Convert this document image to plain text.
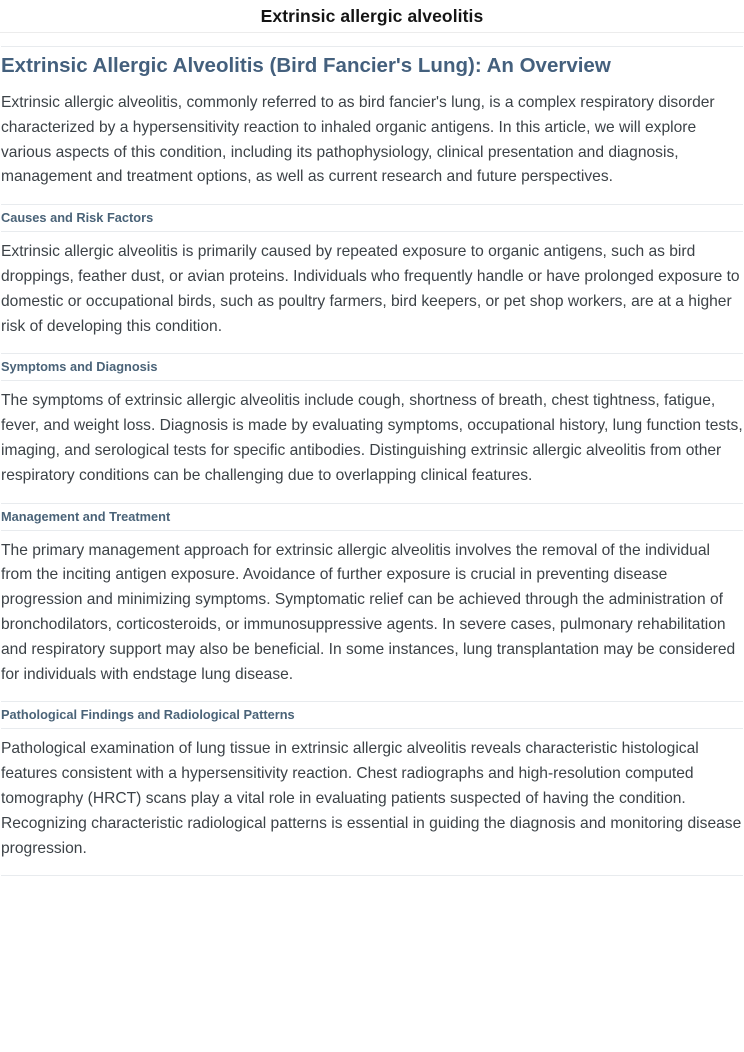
Extrinsic allergic alveolitis
Extrinsic Allergic Alveolitis (Bird Fancier's Lung): An Overview

Extrinsic allergic alveolitis, commonly referred to as bird fancier's lung, is a complex respiratory disorder characterized by a hypersensitivity reaction to inhaled organic antigens. In this article, we will explore various aspects of this condition, including its pathophysiology, clinical presentation and diagnosis, management and treatment options, as well as current research and future perspectives.

Causes and Risk Factors

Extrinsic allergic alveolitis is primarily caused by repeated exposure to organic antigens, such as bird droppings, feather dust, or avian proteins. Individuals who frequently handle or have prolonged exposure to domestic or occupational birds, such as poultry farmers, bird keepers, or pet shop workers, are at a higher risk of developing this condition.

Symptoms and Diagnosis

The symptoms of extrinsic allergic alveolitis include cough, shortness of breath, chest tightness, fatigue, fever, and weight loss. Diagnosis is made by evaluating symptoms, occupational history, lung function tests, imaging, and serological tests for specific antibodies. Distinguishing extrinsic allergic alveolitis from other respiratory conditions can be challenging due to overlapping clinical features.

Management and Treatment

The primary management approach for extrinsic allergic alveolitis involves the removal of the individual from the inciting antigen exposure. Avoidance of further exposure is crucial in preventing disease progression and minimizing symptoms. Symptomatic relief can be achieved through the administration of bronchodilators, corticosteroids, or immunosuppressive agents. In severe cases, pulmonary rehabilitation and respiratory support may also be beneficial. In some instances, lung transplantation may be considered for individuals with endstage lung disease.

Pathological Findings and Radiological Patterns

Pathological examination of lung tissue in extrinsic allergic alveolitis reveals characteristic histological features consistent with a hypersensitivity reaction. Chest radiographs and high-resolution computed tomography (HRCT) scans play a vital role in evaluating patients suspected of having the condition. Recognizing characteristic radiological patterns is essential in guiding the diagnosis and monitoring disease progression.
